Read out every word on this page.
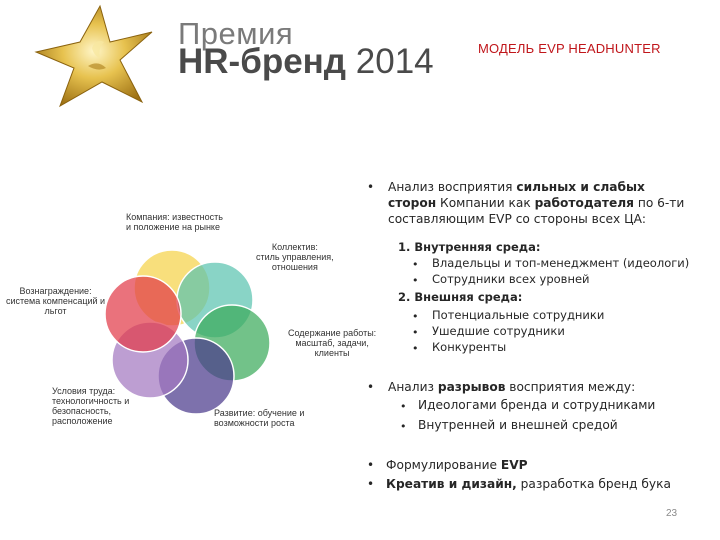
Премия
HR-бренд 2014	МОДЕЛЬ EVP HEADHUNTER
Компания: известность
и положение на рынке
Коллектив:
стиль управления,
отношения
Содержание работы:
масштаб, задачи,
клиенты
Развитие: обучение и
возможности роста
Условия труда:
технологичность и
безопасность,
расположение
Вознаграждение:
система компенсаций и
льгот
• Анализ восприятия сильных и слабых
сторон Компании как работодателя по 6-ти
составляющим EVP со стороны всех ЦА:
1. Внутренняя среда:
• Владельцы и топ-менеджмент (идеологи)
• Сотрудники всех уровней
2. Внешняя среда:
• Потенциальные сотрудники
• Ушедшие сотрудники
• Конкуренты
• Анализ разрывов восприятия между:
• Идеологами бренда и сотрудниками
• Внутренней и внешней средой
• Формулирование EVP
• Креатив и дизайн, разработка бренд бука
23
